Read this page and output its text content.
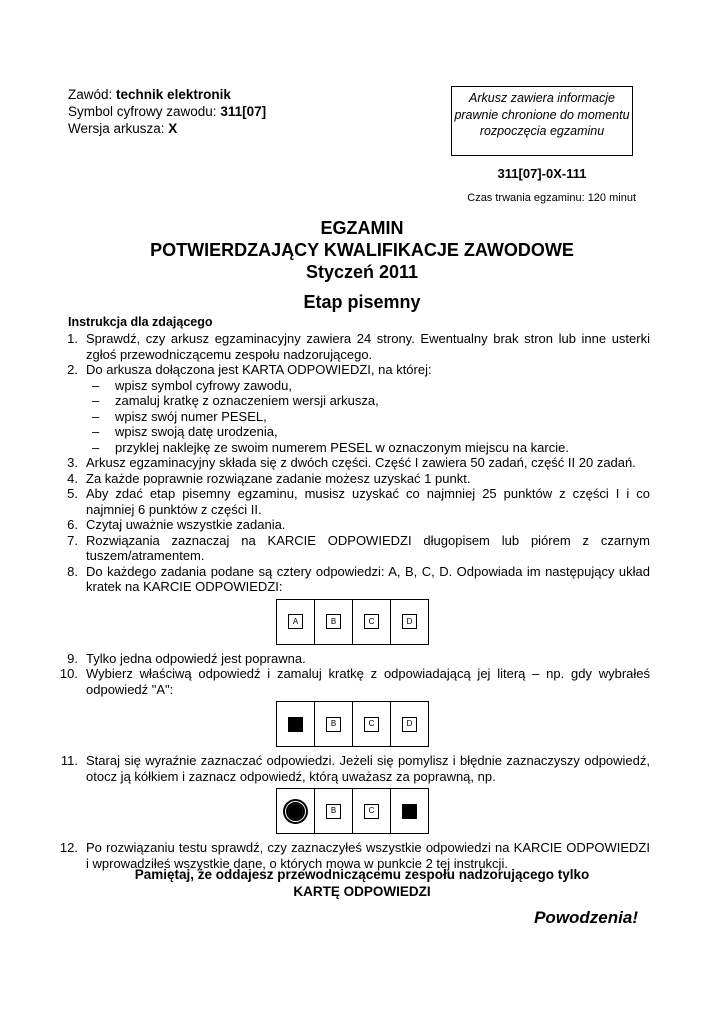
Zawód: technik elektronik
Symbol cyfrowy zawodu: 311[07]
Wersja arkusza: X
Arkusz zawiera informacje prawnie chronione do momentu rozpoczęcia egzaminu
311[07]-0X-111
Czas trwania egzaminu: 120 minut
EGZAMIN
POTWIERDZAJĄCY KWALIFIKACJE ZAWODOWE
Styczeń 2011
Etap pisemny
Instrukcja dla zdającego
1. Sprawdź, czy arkusz egzaminacyjny zawiera 24 strony. Ewentualny brak stron lub inne usterki zgłoś przewodniczącemu zespołu nadzorującego.
2. Do arkusza dołączona jest KARTA ODPOWIEDZI, na której:
– wpisz symbol cyfrowy zawodu,
– zamaluj kratkę z oznaczeniem wersji arkusza,
– wpisz swój numer PESEL,
– wpisz swoją datę urodzenia,
– przyklej naklejkę ze swoim numerem PESEL w oznaczonym miejscu na karcie.
3. Arkusz egzaminacyjny składa się z dwóch części. Część I zawiera 50 zadań, część II 20 zadań.
4. Za każde poprawnie rozwiązane zadanie możesz uzyskać 1 punkt.
5. Aby zdać etap pisemny egzaminu, musisz uzyskać co najmniej 25 punktów z części I i co najmniej 6 punktów z części II.
6. Czytaj uważnie wszystkie zadania.
7. Rozwiązania zaznaczaj na KARCIE ODPOWIEDZI długopisem lub piórem z czarnym tuszem/atramentem.
8. Do każdego zadania podane są cztery odpowiedzi: A, B, C, D. Odpowiada im następujący układ kratek na KARCIE ODPOWIEDZI:
A	B	C	D
9. Tylko jedna odpowiedź jest poprawna.
10. Wybierz właściwą odpowiedź i zamaluj kratkę z odpowiadającą jej literą – np. gdy wybrałeś odpowiedź "A":
B	C	D
11. Staraj się wyraźnie zaznaczać odpowiedzi. Jeżeli się pomylisz i błędnie zaznaczyszy odpowiedź, otocz ją kółkiem i zaznacz odpowiedź, którą uważasz za poprawną, np.
B	C
12. Po rozwiązaniu testu sprawdź, czy zaznaczyłeś wszystkie odpowiedzi na KARCIE ODPOWIEDZI i wprowadziłeś wszystkie dane, o których mowa w punkcie 2 tej instrukcji.
Pamiętaj, że oddajesz przewodniczącemu zespołu nadzorującego tylko
KARTĘ ODPOWIEDZI
Powodzenia!
